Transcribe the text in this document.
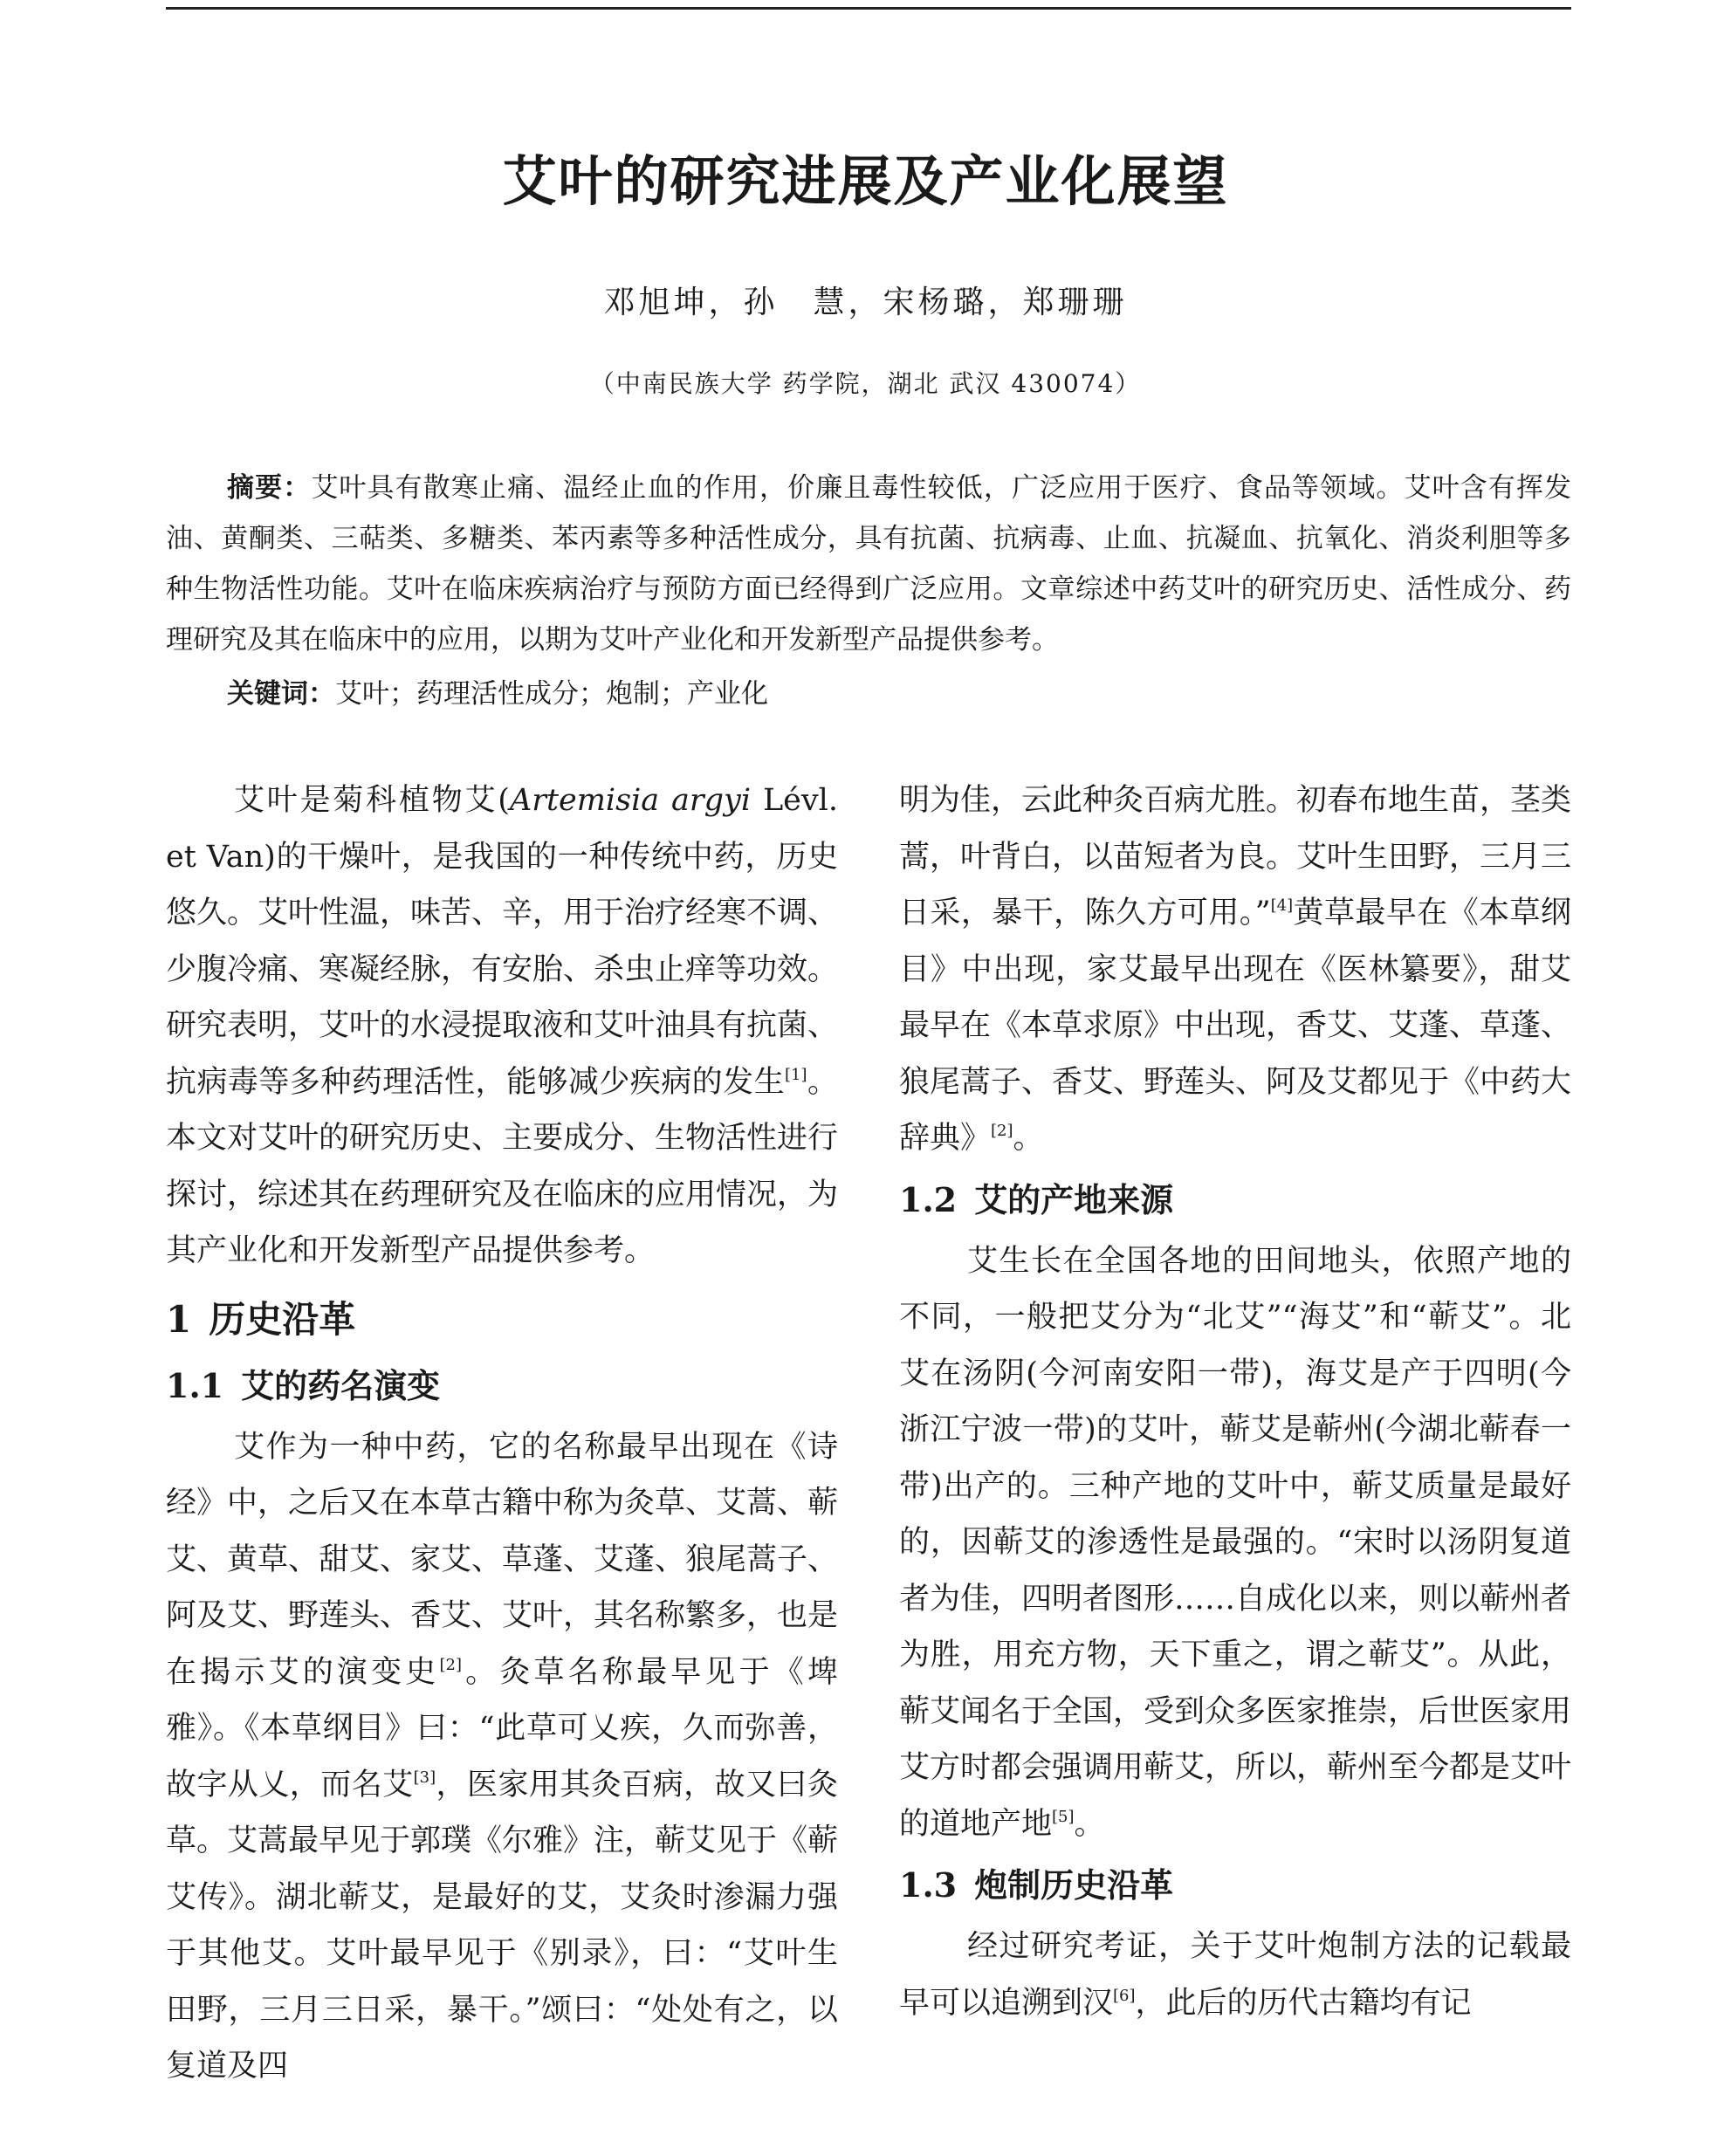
艾叶的研究进展及产业化展望
邓旭坤，孙　慧，宋杨璐，郑珊珊
（中南民族大学 药学院，湖北 武汉 430074）
摘要：艾叶具有散寒止痛、温经止血的作用，价廉且毒性较低，广泛应用于医疗、食品等领域。艾叶含有挥发油、黄酮类、三萜类、多糖类、苯丙素等多种活性成分，具有抗菌、抗病毒、止血、抗凝血、抗氧化、消炎利胆等多种生物活性功能。艾叶在临床疾病治疗与预防方面已经得到广泛应用。文章综述中药艾叶的研究历史、活性成分、药理研究及其在临床中的应用，以期为艾叶产业化和开发新型产品提供参考。
关键词：艾叶；药理活性成分；炮制；产业化

艾叶是菊科植物艾(Artemisia argyi Lévl. et Van)的干燥叶，是我国的一种传统中药，历史悠久。艾叶性温，味苦、辛，用于治疗经寒不调、少腹冷痛、寒凝经脉，有安胎、杀虫止痒等功效。研究表明，艾叶的水浸提取液和艾叶油具有抗菌、抗病毒等多种药理活性，能够减少疾病的发生[1]。本文对艾叶的研究历史、主要成分、生物活性进行探讨，综述其在药理研究及在临床的应用情况，为其产业化和开发新型产品提供参考。

1 历史沿革
1.1 艾的药名演变

艾作为一种中药，它的名称最早出现在《诗经》中，之后又在本草古籍中称为灸草、艾蒿、蕲艾、黄草、甜艾、家艾、草蓬、艾蓬、狼尾蒿子、阿及艾、野莲头、香艾、艾叶，其名称繁多，也是在揭示艾的演变史[2]。灸草名称最早见于《埤雅》。《本草纲目》曰：“此草可乂疾，久而弥善，故字从乂，而名艾[3]，医家用其灸百病，故又曰灸草。艾蒿最早见于郭璞《尔雅》注，蕲艾见于《蕲艾传》。湖北蕲艾，是最好的艾，艾灸时渗漏力强于其他艾。艾叶最早见于《别录》，曰：“艾叶生田野，三月三日采，暴干。”颂曰：“处处有之，以复道及四

明为佳，云此种灸百病尤胜。初春布地生苗，茎类蒿，叶背白，以苗短者为良。艾叶生田野，三月三日采，暴干，陈久方可用。”[4]黄草最早在《本草纲目》中出现，家艾最早出现在《医林纂要》，甜艾最早在《本草求原》中出现，香艾、艾蓬、草蓬、狼尾蒿子、香艾、野莲头、阿及艾都见于《中药大辞典》[2]。

1.2 艾的产地来源

艾生长在全国各地的田间地头，依照产地的不同，一般把艾分为“北艾”“海艾”和“蕲艾”。北艾在汤阴(今河南安阳一带)，海艾是产于四明(今浙江宁波一带)的艾叶，蕲艾是蕲州(今湖北蕲春一带)出产的。三种产地的艾叶中，蕲艾质量是最好的，因蕲艾的渗透性是最强的。“宋时以汤阴复道者为佳，四明者图形……自成化以来，则以蕲州者为胜，用充方物，天下重之，谓之蕲艾”。从此，蕲艾闻名于全国，受到众多医家推崇，后世医家用艾方时都会强调用蕲艾，所以，蕲州至今都是艾叶的道地产地[5]。

1.3 炮制历史沿革

经过研究考证，关于艾叶炮制方法的记载最早可以追溯到汉[6]，此后的历代古籍均有记
